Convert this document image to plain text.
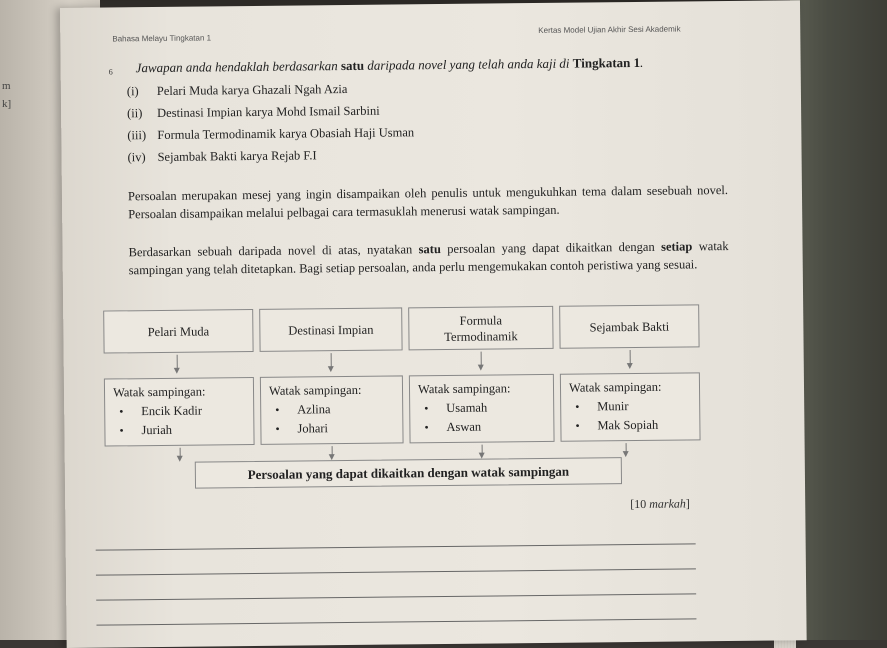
m
k]
Bahasa Melayu Tingkatan 1
Kertas Model Ujian Akhir Sesi Akademik
6 Jawapan anda hendaklah berdasarkan satu daripada novel yang telah anda kaji di Tingkatan 1.
(i) Pelari Muda karya Ghazali Ngah Azia
(ii) Destinasi Impian karya Mohd Ismail Sarbini
(iii) Formula Termodinamik karya Obasiah Haji Usman
(iv) Sejambak Bakti karya Rejab F.I
Persoalan merupakan mesej yang ingin disampaikan oleh penulis untuk mengukuhkan tema dalam sesebuah novel. Persoalan disampaikan melalui pelbagai cara termasuklah menerusi watak sampingan.
Berdasarkan sebuah daripada novel di atas, nyatakan satu persoalan yang dapat dikaitkan dengan setiap watak sampingan yang telah ditetapkan. Bagi setiap persoalan, anda perlu mengemukakan contoh peristiwa yang sesuai.
Pelari Muda	Destinasi Impian
Formula
Termodinamik
Sejambak Bakti
Watak sampingan:
• Encik Kadir
• Juriah
Watak sampingan:
• Azlina
• Johari
Watak sampingan:
• Usamah
• Aswan
Watak sampingan:
• Munir
• Mak Sopiah
Persoalan yang dapat dikaitkan dengan watak sampingan
[10 markah]
